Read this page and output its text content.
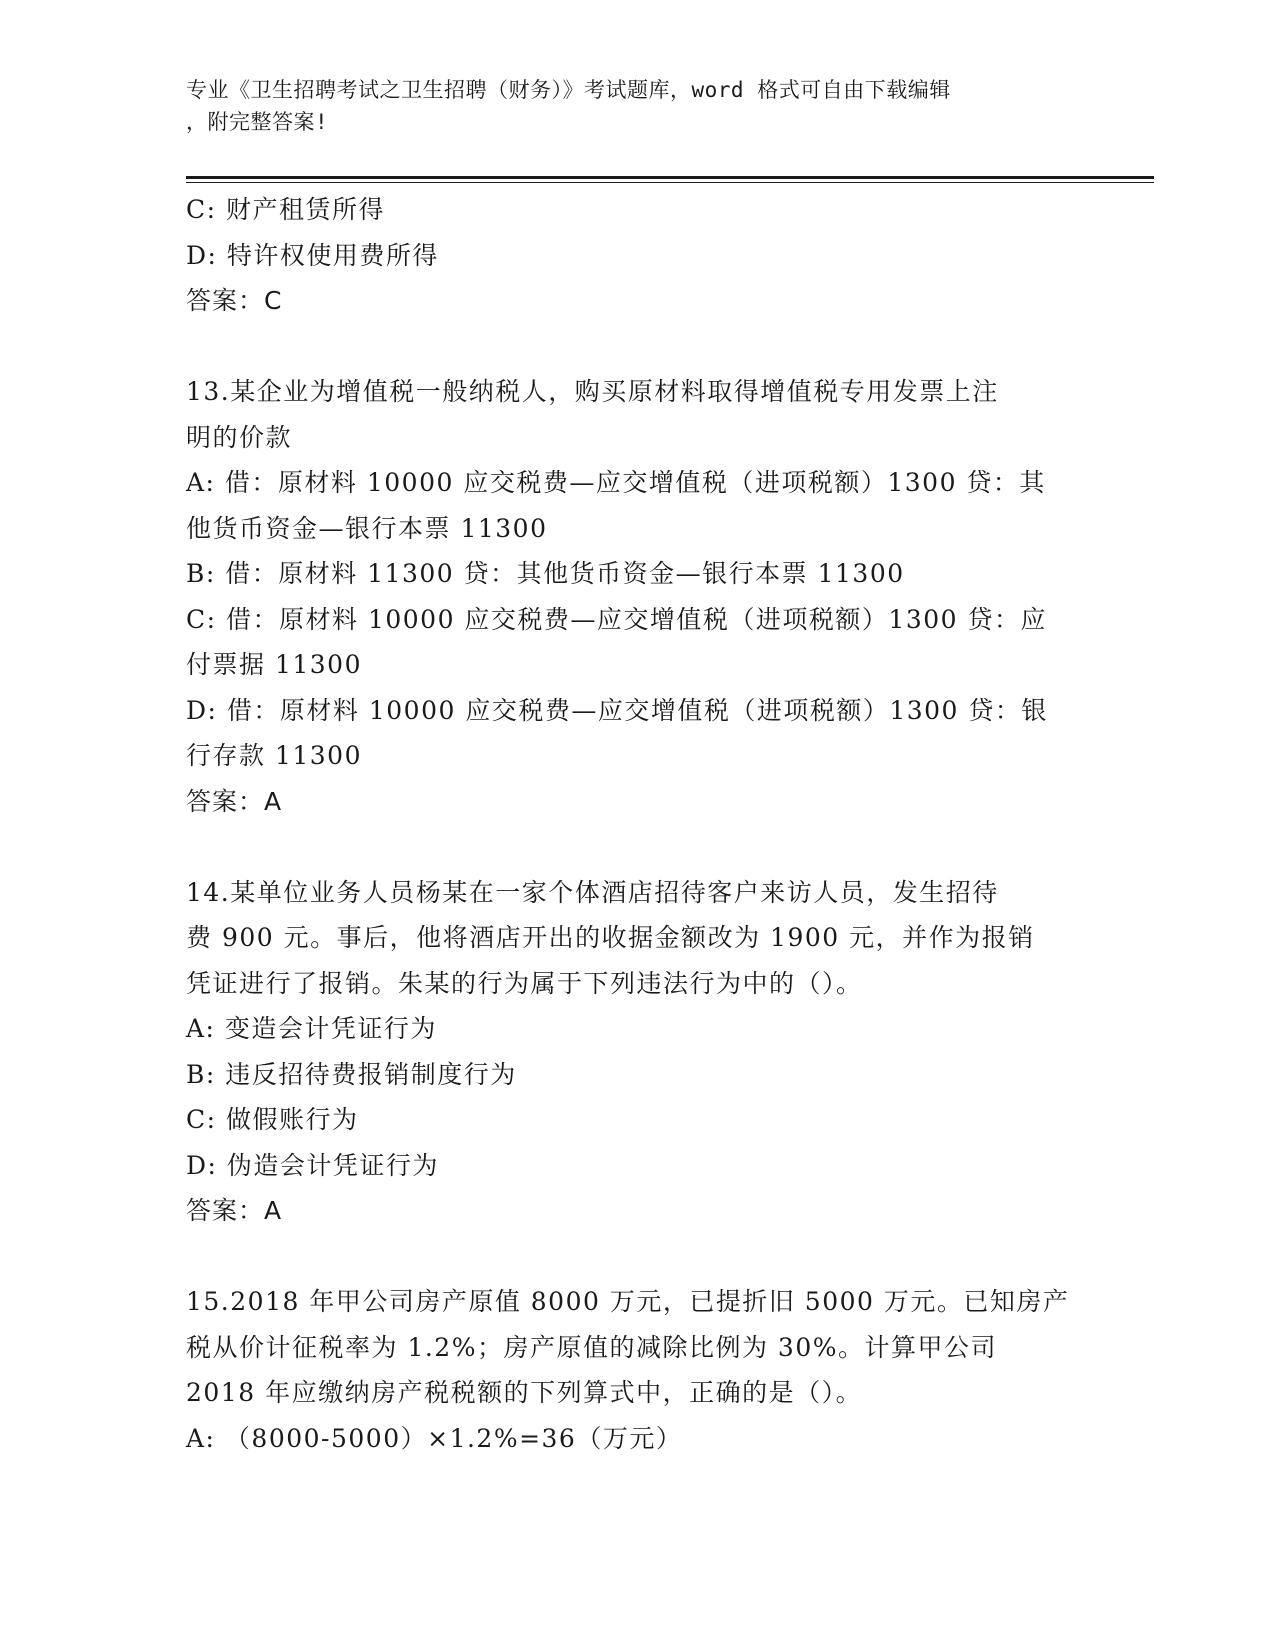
专业《卫生招聘考试之卫生招聘（财务）》考试题库，word 格式可自由下载编辑
，附完整答案!
C: 财产租赁所得
D: 特许权使用费所得
答案：C
13.某企业为增值税一般纳税人，购买原材料取得增值税专用发票上注
明的价款
A: 借：原材料 10000 应交税费—应交增值税（进项税额）1300 贷：其
他货币资金—银行本票 11300
B: 借：原材料 11300 贷：其他货币资金—银行本票 11300
C: 借：原材料 10000 应交税费—应交增值税（进项税额）1300 贷：应
付票据 11300
D: 借：原材料 10000 应交税费—应交增值税（进项税额）1300 贷：银
行存款 11300
答案：A
14.某单位业务人员杨某在一家个体酒店招待客户来访人员，发生招待
费 900 元。事后，他将酒店开出的收据金额改为 1900 元，并作为报销
凭证进行了报销。朱某的行为属于下列违法行为中的（）。
A: 变造会计凭证行为
B: 违反招待费报销制度行为
C: 做假账行为
D: 伪造会计凭证行为
答案：A
15.2018 年甲公司房产原值 8000 万元，已提折旧 5000 万元。已知房产
税从价计征税率为 1.2%；房产原值的减除比例为 30%。计算甲公司
2018 年应缴纳房产税税额的下列算式中，正确的是（）。
A: （8000-5000）×1.2%=36（万元）
